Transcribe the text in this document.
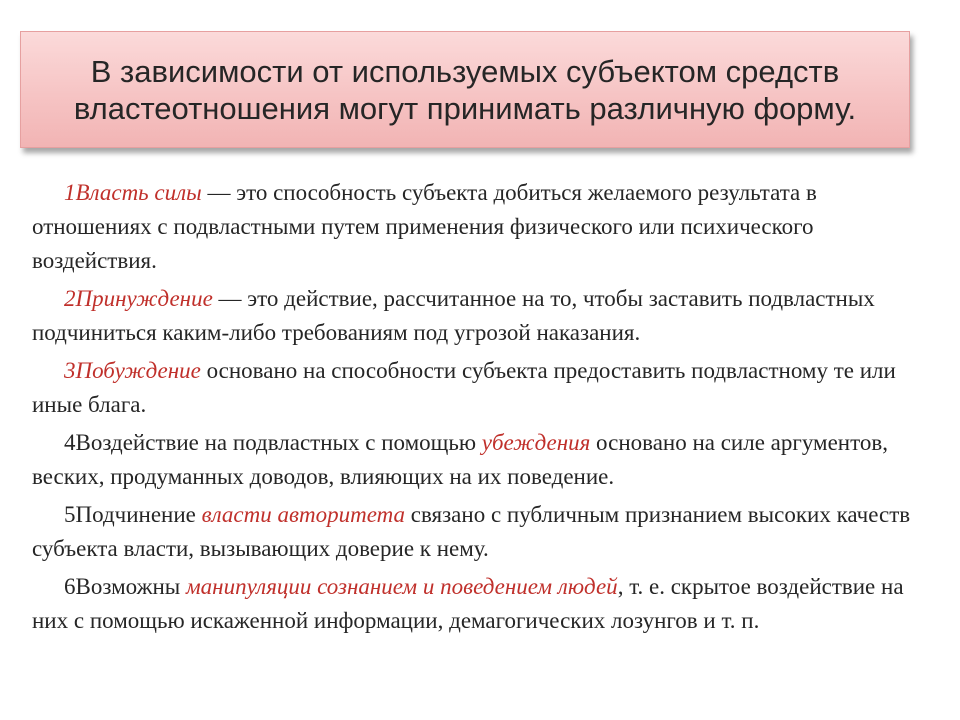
В зависимости от используемых субъектом средств
властеотношения могут принимать различную форму.

1Власть силы — это способность субъекта добиться желаемого результата в отношениях с подвластными путем применения физического или психического воздействия.

2Принуждение — это действие, рассчитанное на то, чтобы заставить подвластных подчиниться каким-либо требованиям под угрозой наказания.

3Побуждение основано на способности субъекта предоставить подвластному те или иные блага.

4Воздействие на подвластных с помощью убеждения основано на силе аргументов, веских, продуманных доводов, влияющих на их поведение.

5Подчинение власти авторитета связано с публичным признанием высоких качеств субъекта власти, вызывающих доверие к нему.

6Возможны манипуляции сознанием и поведением людей, т. е. скрытое воздействие на них с помощью искаженной информации, демагогических лозунгов и т. п.
